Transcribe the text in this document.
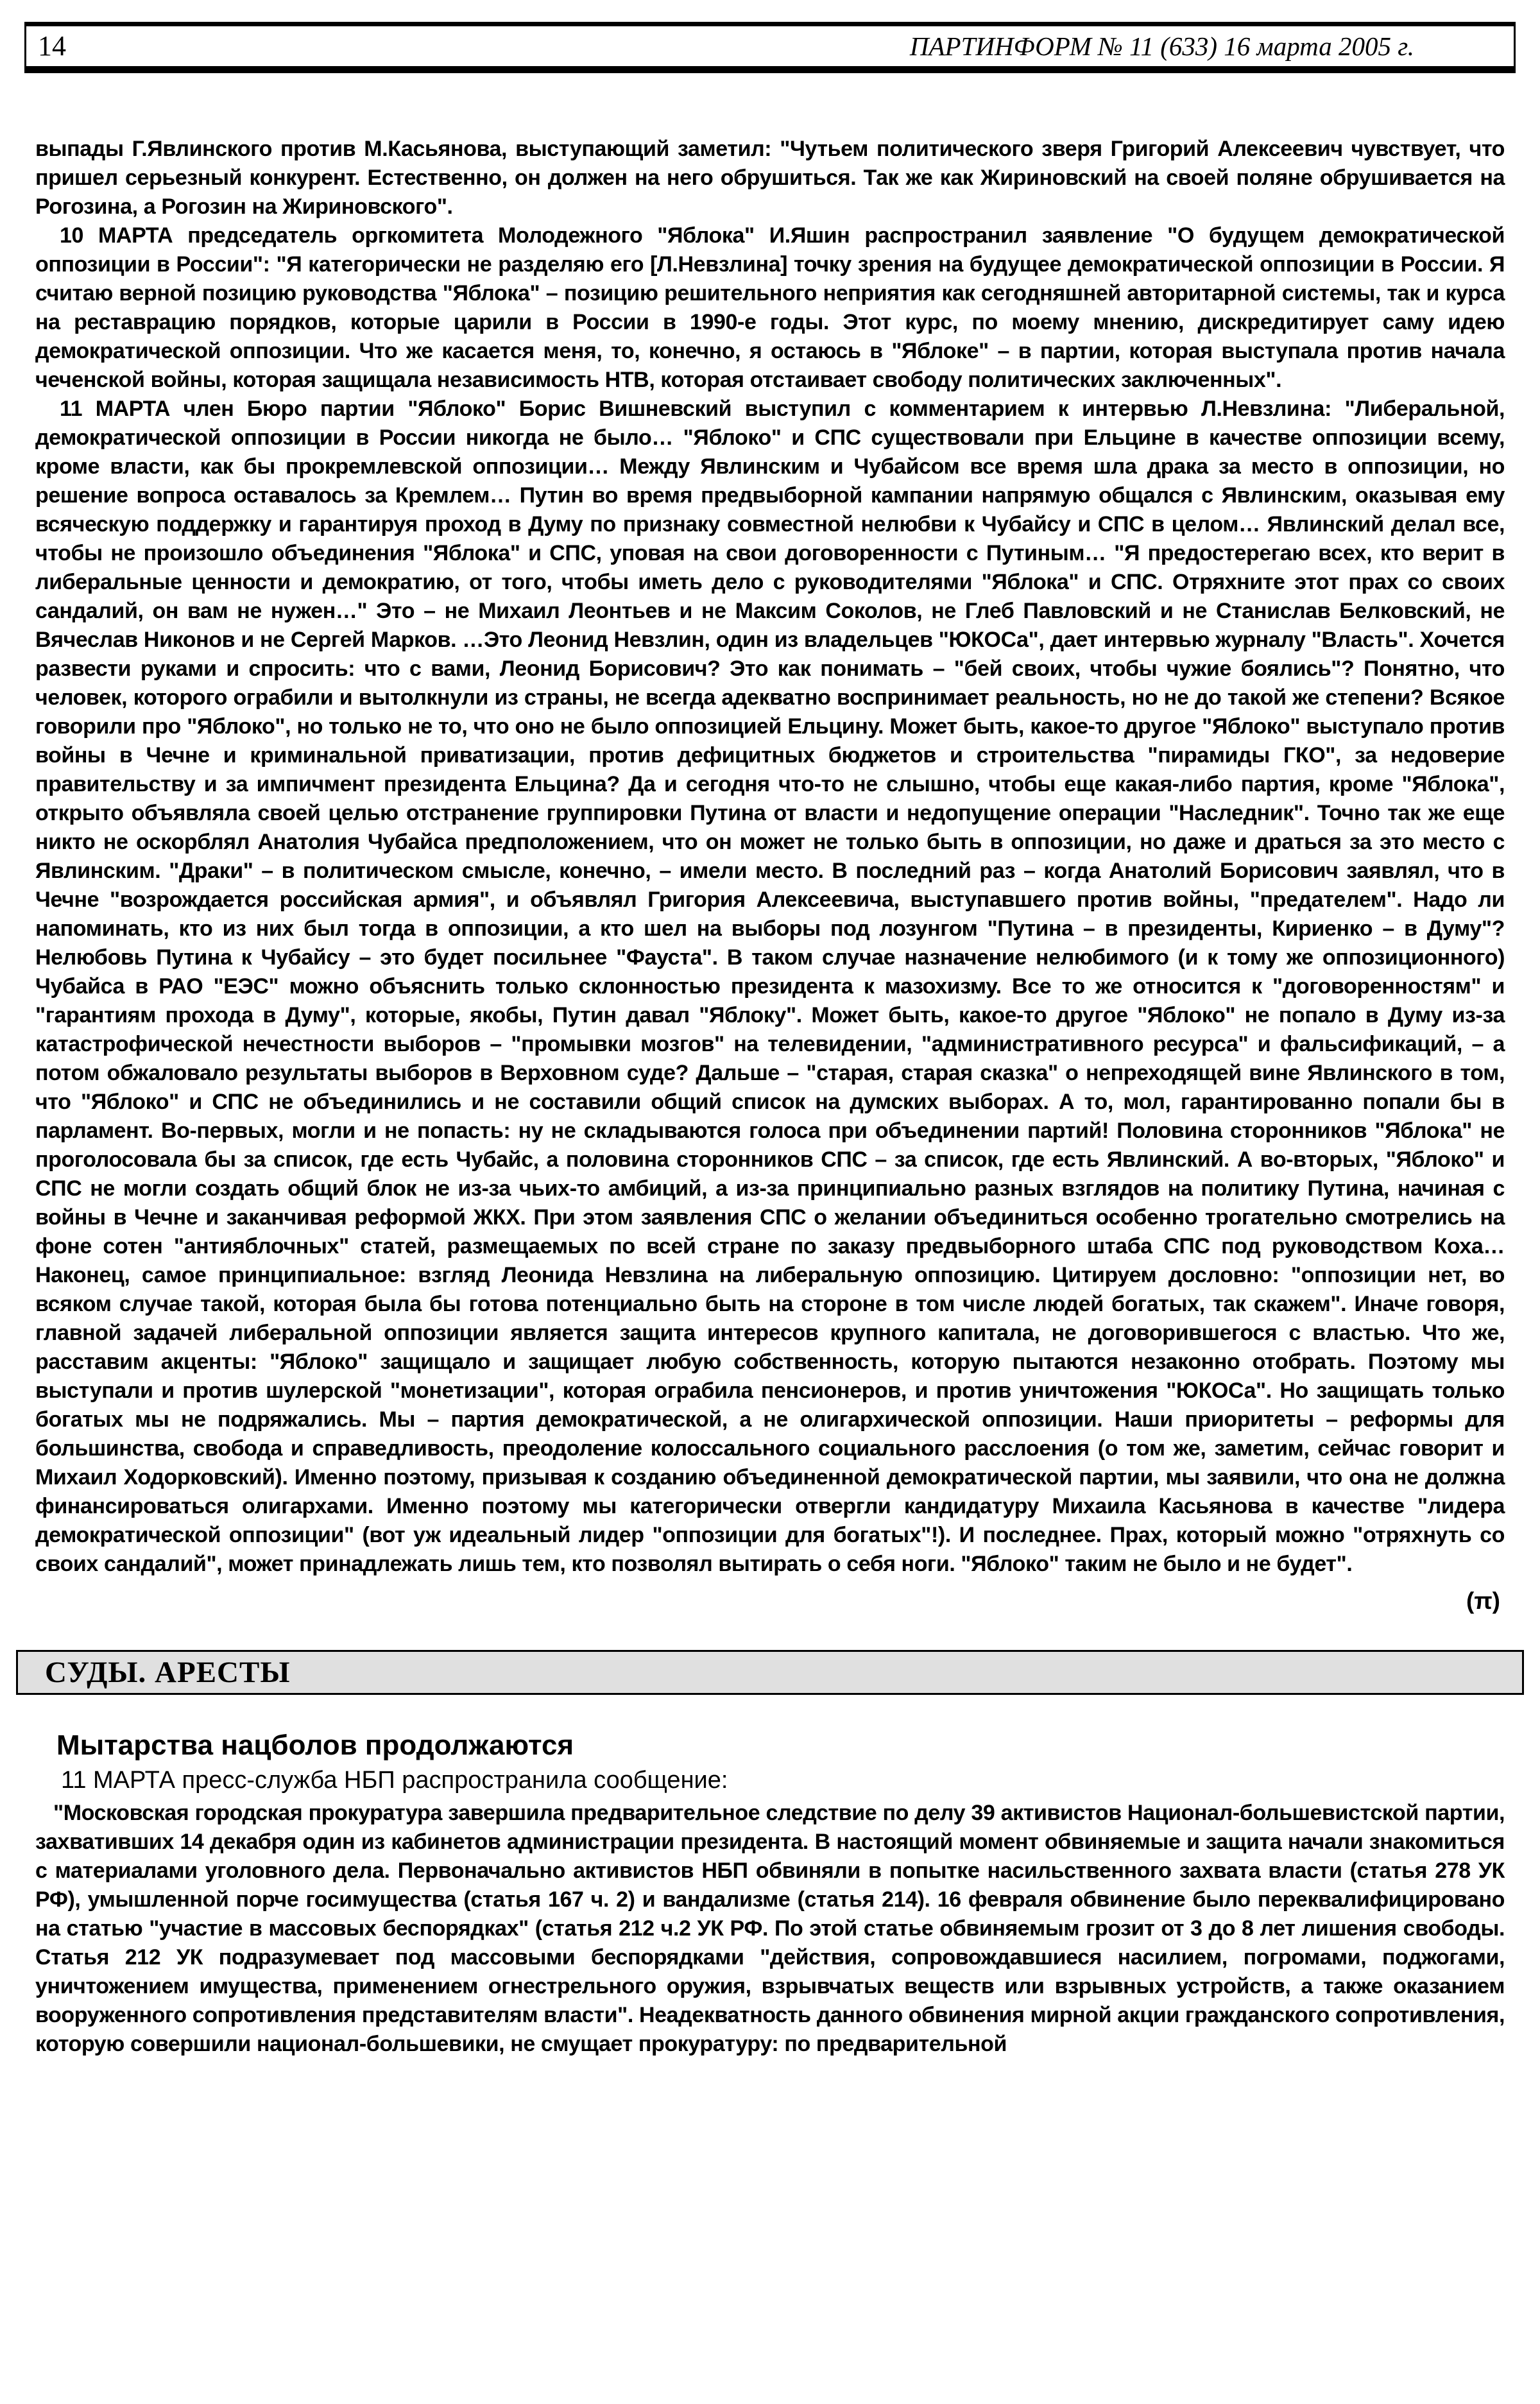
14	ПАРТИНФОРМ № 11 (633) 16 марта 2005 г.

выпады Г.Явлинского против М.Касьянова, выступающий заметил: "Чутьем политического зверя Григорий Алексеевич чувствует, что пришел серьезный конкурент. Естественно, он должен на него обрушиться. Так же как Жириновский на своей поляне обрушивается на Рогозина, а Рогозин на Жириновского".

10 МАРТА председатель оргкомитета Молодежного "Яблока" И.Яшин распространил заявление "О будущем демократической оппозиции в России": "Я категорически не разделяю его [Л.Невзлина] точку зрения на будущее демократической оппозиции в России. Я считаю верной позицию руководства "Яблока" – позицию решительного неприятия как сегодняшней авторитарной системы, так и курса на реставрацию порядков, которые царили в России в 1990-е годы. Этот курс, по моему мнению, дискредитирует саму идею демократической оппозиции. Что же касается меня, то, конечно, я остаюсь в "Яблоке" – в партии, которая выступала против начала чеченской войны, которая защищала независимость НТВ, которая отстаивает свободу политических заключенных".

11 МАРТА член Бюро партии "Яблоко" Борис Вишневский выступил с комментарием к интервью Л.Невзлина: "Либеральной, демократической оппозиции в России никогда не было… "Яблоко" и СПС существовали при Ельцине в качестве оппозиции всему, кроме власти, как бы прокремлевской оппозиции… Между Явлинским и Чубайсом все время шла драка за место в оппозиции, но решение вопроса оставалось за Кремлем… Путин во время предвыборной кампании напрямую общался с Явлинским, оказывая ему всяческую поддержку и гарантируя проход в Думу по признаку совместной нелюбви к Чубайсу и СПС в целом… Явлинский делал все, чтобы не произошло объединения "Яблока" и СПС, уповая на свои договоренности с Путиным… "Я предостерегаю всех, кто верит в либеральные ценности и демократию, от того, чтобы иметь дело с руководителями "Яблока" и СПС. Отряхните этот прах со своих сандалий, он вам не нужен…" Это – не Михаил Леонтьев и не Максим Соколов, не Глеб Павловский и не Станислав Белковский, не Вячеслав Никонов и не Сергей Марков. …Это Леонид Невзлин, один из владельцев "ЮКОСа", дает интервью журналу "Власть". Хочется развести руками и спросить: что с вами, Леонид Борисович? Это как понимать – "бей своих, чтобы чужие боялись"? Понятно, что человек, которого ограбили и вытолкнули из страны, не всегда адекватно воспринимает реальность, но не до такой же степени? Всякое говорили про "Яблоко", но только не то, что оно не было оппозицией Ельцину. Может быть, какое-то другое "Яблоко" выступало против войны в Чечне и криминальной приватизации, против дефицитных бюджетов и строительства "пирамиды ГКО", за недоверие правительству и за импичмент президента Ельцина? Да и сегодня что-то не слышно, чтобы еще какая-либо партия, кроме "Яблока", открыто объявляла своей целью отстранение группировки Путина от власти и недопущение операции "Наследник". Точно так же еще никто не оскорблял Анатолия Чубайса предположением, что он может не только быть в оппозиции, но даже и драться за это место с Явлинским. "Драки" – в политическом смысле, конечно, – имели место. В последний раз – когда Анатолий Борисович заявлял, что в Чечне "возрождается российская армия", и объявлял Григория Алексеевича, выступавшего против войны, "предателем". Надо ли напоминать, кто из них был тогда в оппозиции, а кто шел на выборы под лозунгом "Путина – в президенты, Кириенко – в Думу"? Нелюбовь Путина к Чубайсу – это будет посильнее "Фауста". В таком случае назначение нелюбимого (и к тому же оппозиционного) Чубайса в РАО "ЕЭС" можно объяснить только склонностью президента к мазохизму. Все то же относится к "договоренностям" и "гарантиям прохода в Думу", которые, якобы, Путин давал "Яблоку". Может быть, какое-то другое "Яблоко" не попало в Думу из-за катастрофической нечестности выборов – "промывки мозгов" на телевидении, "административного ресурса" и фальсификаций, – а потом обжаловало результаты выборов в Верховном суде? Дальше – "старая, старая сказка" о непреходящей вине Явлинского в том, что "Яблоко" и СПС не объединились и не составили общий список на думских выборах. А то, мол, гарантированно попали бы в парламент. Во-первых, могли и не попасть: ну не складываются голоса при объединении партий! Половина сторонников "Яблока" не проголосовала бы за список, где есть Чубайс, а половина сторонников СПС – за список, где есть Явлинский. А во-вторых, "Яблоко" и СПС не могли создать общий блок не из-за чьих-то амбиций, а из-за принципиально разных взглядов на политику Путина, начиная с войны в Чечне и заканчивая реформой ЖКХ. При этом заявления СПС о желании объединиться особенно трогательно смотрелись на фоне сотен "антияблочных" статей, размещаемых по всей стране по заказу предвыборного штаба СПС под руководством Коха… Наконец, самое принципиальное: взгляд Леонида Невзлина на либеральную оппозицию. Цитируем дословно: "оппозиции нет, во всяком случае такой, которая была бы готова потенциально быть на стороне в том числе людей богатых, так скажем". Иначе говоря, главной задачей либеральной оппозиции является защита интересов крупного капитала, не договорившегося с властью. Что же, расставим акценты: "Яблоко" защищало и защищает любую собственность, которую пытаются незаконно отобрать. Поэтому мы выступали и против шулерской "монетизации", которая ограбила пенсионеров, и против уничтожения "ЮКОСа". Но защищать только богатых мы не подряжались. Мы – партия демократической, а не олигархической оппозиции. Наши приоритеты – реформы для большинства, свобода и справедливость, преодоление колоссального социального расслоения (о том же, заметим, сейчас говорит и Михаил Ходорковский). Именно поэтому, призывая к созданию объединенной демократической партии, мы заявили, что она не должна финансироваться олигархами. Именно поэтому мы категорически отвергли кандидатуру Михаила Касьянова в качестве "лидера демократической оппозиции" (вот уж идеальный лидер "оппозиции для богатых"!). И последнее. Прах, который можно "отряхнуть со своих сандалий", может принадлежать лишь тем, кто позволял вытирать о себя ноги. "Яблоко" таким не было и не будет".

(π)
СУДЫ. АРЕСТЫ
Мытарства нацболов продолжаются

11 МАРТА пресс-служба НБП распространила сообщение:

"Московская городская прокуратура завершила предварительное следствие по делу 39 активистов Национал-большевистской партии, захвативших 14 декабря один из кабинетов администрации президента. В настоящий момент обвиняемые и защита начали знакомиться с материалами уголовного дела. Первоначально активистов НБП обвиняли в попытке насильственного захвата власти (статья 278 УК РФ), умышленной порче госимущества (статья 167 ч. 2) и вандализме (статья 214). 16 февраля обвинение было переквалифицировано на статью "участие в массовых беспорядках" (статья 212 ч.2 УК РФ. По этой статье обвиняемым грозит от 3 до 8 лет лишения свободы. Статья 212 УК подразумевает под массовыми беспорядками "действия, сопровождавшиеся насилием, погромами, поджогами, уничтожением имущества, применением огнестрельного оружия, взрывчатых веществ или взрывных устройств, а также оказанием вооруженного сопротивления представителям власти". Неадекватность данного обвинения мирной акции гражданского сопротивления, которую совершили национал-большевики, не смущает прокуратуру: по предварительной
